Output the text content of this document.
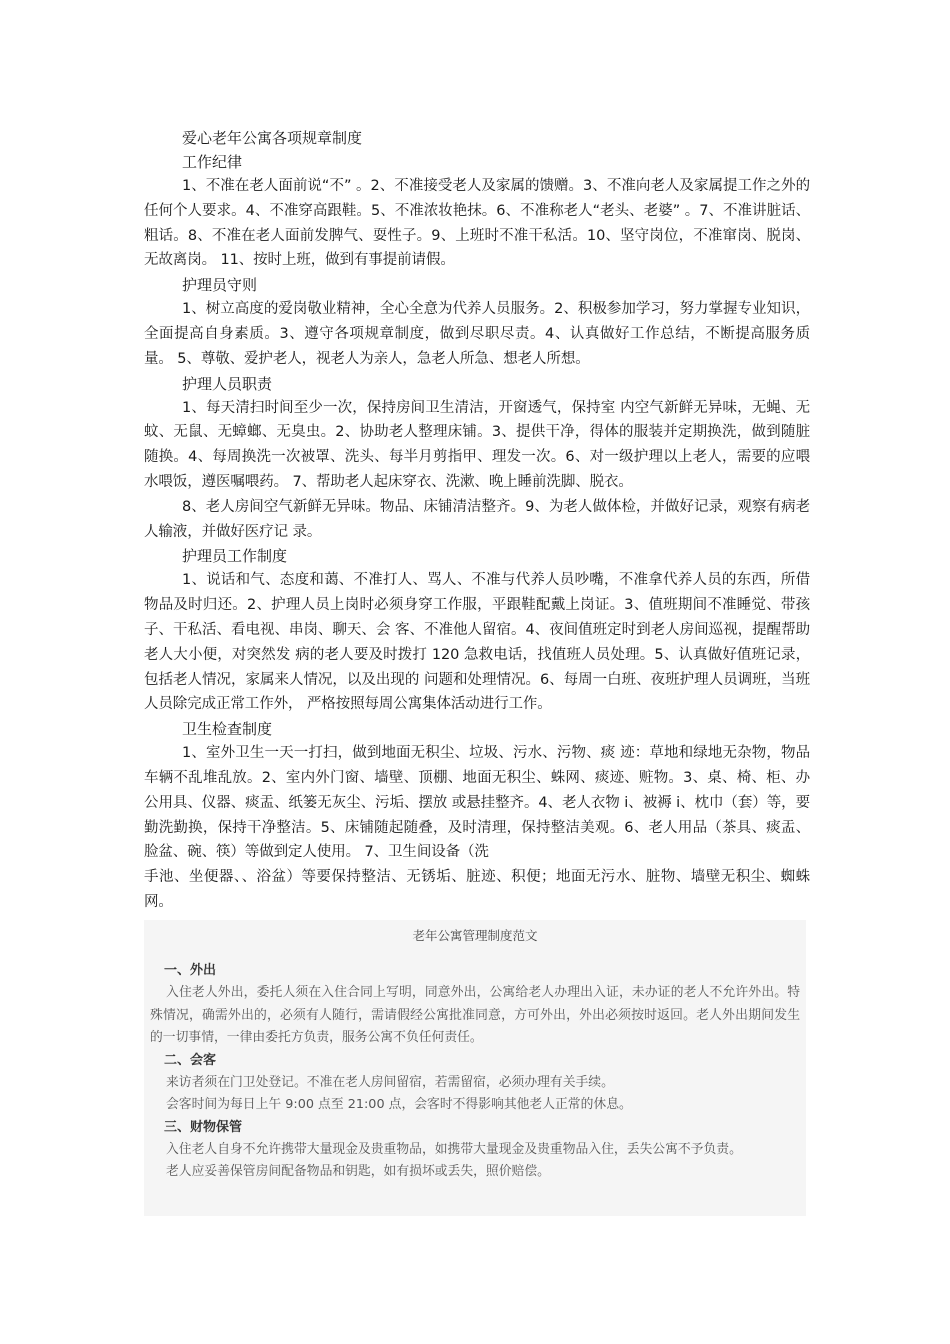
爱心老年公寓各项规章制度

工作纪律

1、不准在老人面前说“不” 。2、不准接受老人及家属的馈赠。3、不准向老人及家属提工作之外的任何个人要求。4、不准穿高跟鞋。5、不准浓妆艳抹。6、不准称老人“老头、老婆” 。7、不准讲脏话、粗话。8、不准在老人面前发脾气、耍性子。9、上班时不准干私活。10、坚守岗位，不准窜岗、脱岗、无故离岗。 11、按时上班，做到有事提前请假。

护理员守则

1、树立高度的爱岗敬业精神，全心全意为代养人员服务。2、积极参加学习，努力掌握专业知识，全面提高自身素质。3、遵守各项规章制度，做到尽职尽责。4、认真做好工作总结，不断提高服务质量。 5、尊敬、爱护老人，视老人为亲人，急老人所急、想老人所想。

护理人员职责

1、每天清扫时间至少一次，保持房间卫生清洁，开窗透气，保持室 内空气新鲜无异味，无蝇、无蚊、无鼠、无蟑螂、无臭虫。2、协助老人整理床铺。3、提供干净，得体的服装并定期换洗，做到随脏随换。4、每周换洗一次被罩、洗头、每半月剪指甲、理发一次。6、对一级护理以上老人，需要的应喂水喂饭，遵医嘱喂药。 7、帮助老人起床穿衣、洗漱、晚上睡前洗脚、脱衣。

8、老人房间空气新鲜无异味。物品、床铺清洁整齐。9、为老人做体检，并做好记录，观察有病老人输液，并做好医疗记 录。

护理员工作制度

1、说话和气、态度和蔼、不准打人、骂人、不准与代养人员吵嘴，不准拿代养人员的东西，所借物品及时归还。2、护理人员上岗时必须身穿工作服，平跟鞋配戴上岗证。3、值班期间不准睡觉、带孩子、干私活、看电视、串岗、聊天、会 客、不准他人留宿。4、夜间值班定时到老人房间巡视，提醒帮助老人大小便，对突然发 病的老人要及时拨打 120 急救电话，找值班人员处理。5、认真做好值班记录，包括老人情况，家属来人情况，以及出现的 问题和处理情况。6、每周一白班、夜班护理人员调班，当班人员除完成正常工作外， 严格按照每周公寓集体活动进行工作。

卫生检查制度

1、室外卫生一天一打扫，做到地面无积尘、垃圾、污水、污物、痰 迹：草地和绿地无杂物，物品车辆不乱堆乱放。2、室内外门窗、墙壁、顶棚、地面无积尘、蛛网、痰迹、赃物。3、桌、椅、柜、办公用具、仪器、痰盂、纸篓无灰尘、污垢、摆放 或悬挂整齐。4、老人衣物 i、被褥 i、枕巾（套）等，要勤洗勤换，保持干净整洁。5、床铺随起随叠，及时清理，保持整洁美观。6、老人用品（茶具、痰盂、脸盆、碗、筷）等做到定人使用。 7、卫生间设备（洗

手池、坐便器、、浴盆）等要保持整洁、无锈垢、脏迹、积便；地面无污水、脏物、墙壁无积尘、蜘蛛网。

老年公寓管理制度范文

一、外出

入住老人外出，委托人须在入住合同上写明，同意外出，公寓给老人办理出入证，未办证的老人不允许外出。特殊情况，确需外出的，必须有人随行，需请假经公寓批准同意，方可外出，外出必须按时返回。老人外出期间发生的一切事情，一律由委托方负责，服务公寓不负任何责任。

二、会客

来访者须在门卫处登记。不准在老人房间留宿，若需留宿，必须办理有关手续。

会客时间为每日上午 9:00 点至 21:00 点，会客时不得影响其他老人正常的休息。

三、财物保管

入住老人自身不允许携带大量现金及贵重物品，如携带大量现金及贵重物品入住，丢失公寓不予负责。

老人应妥善保管房间配备物品和钥匙，如有损坏或丢失，照价赔偿。
